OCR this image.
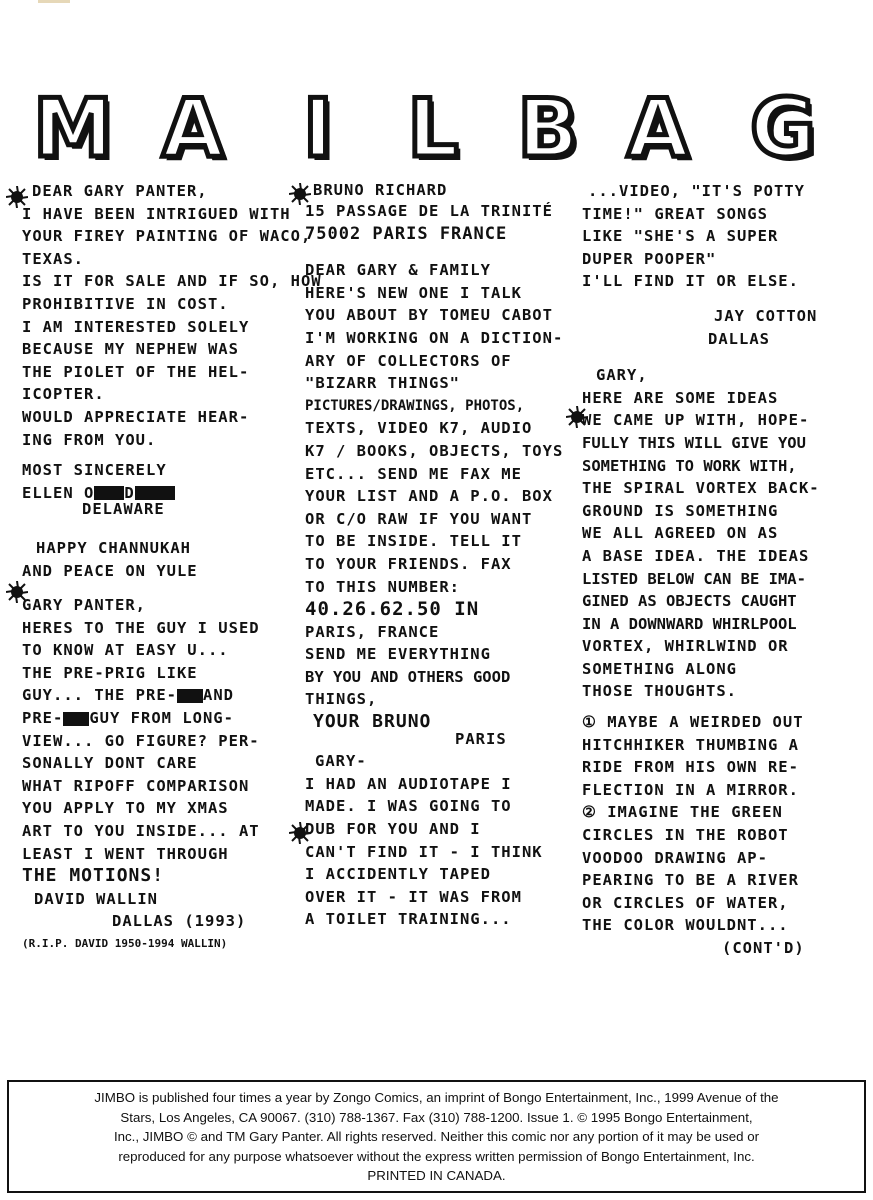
M A I L B A G
DEAR GARY PANTER,
I HAVE BEEN INTRIGUED WITH
YOUR FIREY PAINTING OF WACO,
TEXAS.
IS IT FOR SALE AND IF SO, HOW
PROHIBITIVE IN COST.
I AM INTERESTED SOLELY
BECAUSE MY NEPHEW WAS
THE PIOLET OF THE HEL-
ICOPTER.
WOULD APPRECIATE HEAR-
ING FROM YOU.
MOST SINCERELY
ELLEN O D
DELAWARE
HAPPY CHANNUKAH
AND PEACE ON YULE
GARY PANTER,
HERES TO THE GUY I USED
TO KNOW AT EASY U...
THE PRE-PRIG LIKE
GUY... THE PRE- AND
PRE- GUY FROM LONG-
VIEW... GO FIGURE? PER-
SONALLY DONT CARE
WHAT RIPOFF COMPARISON
YOU APPLY TO MY XMAS
ART TO YOU INSIDE... AT
LEAST I WENT THROUGH
THE MOTIONS!
DAVID WALLIN
DALLAS (1993)
(R.I.P. DAVID 1950-1994 WALLIN)
BRUNO RICHARD
15 PASSAGE DE LA TRINITÉ
75002 PARIS FRANCE
DEAR GARY & FAMILY
HERE'S NEW ONE I TALK
YOU ABOUT BY TOMEU CABOT
I'M WORKING ON A DICTION-
ARY OF COLLECTORS OF
"BIZARR THINGS"
PICTURES/DRAWINGS, PHOTOS,
TEXTS, VIDEO K7, AUDIO
K7 / BOOKS, OBJECTS, TOYS
ETC... SEND ME FAX ME
YOUR LIST AND A P.O. BOX
OR C/O RAW IF YOU WANT
TO BE INSIDE. TELL IT
TO YOUR FRIENDS. FAX
TO THIS NUMBER:
40.26.62.50 IN
PARIS, FRANCE
SEND ME EVERYTHING
BY YOU AND OTHERS GOOD
THINGS,
YOUR BRUNO
PARIS
GARY-
I HAD AN AUDIOTAPE I
MADE. I WAS GOING TO
DUB FOR YOU AND I
CAN'T FIND IT - I THINK
I ACCIDENTLY TAPED
OVER IT - IT WAS FROM
A TOILET TRAINING...
...VIDEO, "IT'S POTTY
TIME!" GREAT SONGS
LIKE "SHE'S A SUPER
DUPER POOPER"
I'LL FIND IT OR ELSE.
JAY COTTON
DALLAS
GARY,
HERE ARE SOME IDEAS
WE CAME UP WITH, HOPE-
FULLY THIS WILL GIVE YOU
SOMETHING TO WORK WITH,
THE SPIRAL VORTEX BACK-
GROUND IS SOMETHING
WE ALL AGREED ON AS
A BASE IDEA. THE IDEAS
LISTED BELOW CAN BE IMA-
GINED AS OBJECTS CAUGHT
IN A DOWNWARD WHIRLPOOL
VORTEX, WHIRLWIND OR
SOMETHING ALONG
THOSE THOUGHTS.
① MAYBE A WEIRDED OUT
HITCHHIKER THUMBING A
RIDE FROM HIS OWN RE-
FLECTION IN A MIRROR.
② IMAGINE THE GREEN
CIRCLES IN THE ROBOT
VOODOO DRAWING AP-
PEARING TO BE A RIVER
OR CIRCLES OF WATER,
THE COLOR WOULDNT...
(CONT'D)
JIMBO is published four times a year by Zongo Comics, an imprint of Bongo Entertainment, Inc., 1999 Avenue of the
Stars, Los Angeles, CA 90067. (310) 788-1367. Fax (310) 788-1200. Issue 1. © 1995 Bongo Entertainment,
Inc., JIMBO © and TM Gary Panter. All rights reserved. Neither this comic nor any portion of it may be used or
reproduced for any purpose whatsoever without the express written permission of Bongo Entertainment, Inc.
PRINTED IN CANADA.
